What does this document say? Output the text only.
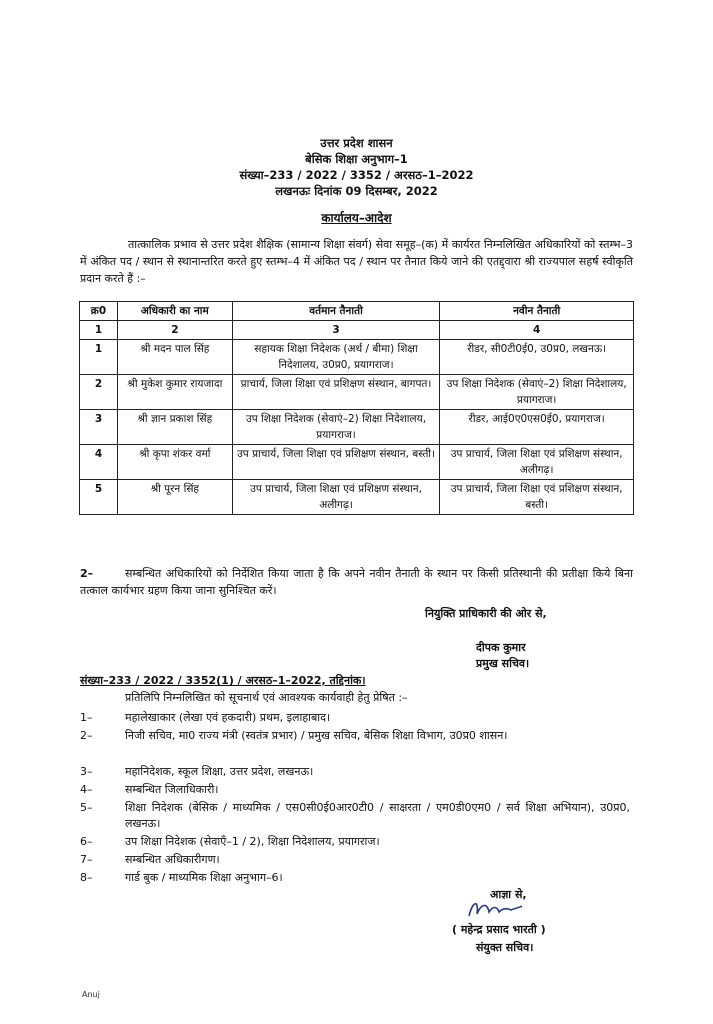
उत्तर प्रदेश शासन
बेसिक शिक्षा अनुभाग–1
संख्या–233 / 2022 / 3352 / अरसठ–1–2022
लखनऊः दिनांक 09 दिसम्बर, 2022
कार्यालय–आदेश
तात्कालिक प्रभाव से उत्तर प्रदेश शैक्षिक (सामान्य शिक्षा संवर्ग) सेवा समूह–(क) में कार्यरत निम्नलिखित अधिकारियों को स्तम्भ–3 में अंकित पद / स्थान से स्थानान्तरित करते हुए स्तम्भ–4 में अंकित पद / स्थान पर तैनात किये जाने की एतद्द्वारा श्री राज्यपाल सहर्ष स्वीकृति प्रदान करते हैं :–
क्र0	अधिकारी का नाम	वर्तमान तैनाती	नवीन तैनाती
1	2	3	4
1	श्री मदन पाल सिंह	सहायक शिक्षा निदेशक (अर्थ / बीमा) शिक्षा निदेशालय, उ0प्र0, प्रयागराज।	रीडर, सी0टी0ई0, उ0प्र0, लखनऊ।
2	श्री मुकेश कुमार रायजादा	प्राचार्य, जिला शिक्षा एवं प्रशिक्षण संस्थान, बागपत।	उप शिक्षा निदेशक (सेवाएं–2) शिक्षा निदेशालय, प्रयागराज।
3	श्री ज्ञान प्रकाश सिंह	उप शिक्षा निदेशक (सेवाएं–2) शिक्षा निदेशालय, प्रयागराज।	रीडर, आई0ए0एस0ई0, प्रयागराज।
4	श्री कृपा शंकर वर्मा	उप प्राचार्य, जिला शिक्षा एवं प्रशिक्षण संस्थान, बस्ती।	उप प्राचार्य, जिला शिक्षा एवं प्रशिक्षण संस्थान, अलीगढ़।
5	श्री पूरन सिंह	उप प्राचार्य, जिला शिक्षा एवं प्रशिक्षण संस्थान, अलीगढ़।	उप प्राचार्य, जिला शिक्षा एवं प्रशिक्षण संस्थान, बस्ती।
2–	सम्बन्धित अधिकारियों को निर्देशित किया जाता है कि अपने नवीन तैनाती के स्थान पर किसी प्रतिस्थानी की प्रतीक्षा किये बिना तत्काल कार्यभार ग्रहण किया जाना सुनिश्चित करें।
नियुक्ति प्राधिकारी की ओर से,
दीपक कुमार
प्रमुख सचिव।
संख्या–233 / 2022 / 3352(1) / अरसठ–1–2022, तद्दिनांक।
प्रतिलिपि निम्नलिखित को सूचनार्थ एवं आवश्यक कार्यवाही हेतु प्रेषित :–
1–	महालेखाकार (लेखा एवं हकदारी) प्रथम, इलाहाबाद।
2–	निजी सचिव, मा0 राज्य मंत्री (स्वतंत्र प्रभार) / प्रमुख सचिव, बेसिक शिक्षा विभाग, उ0प्र0 शासन।
3–	महानिदेशक, स्कूल शिक्षा, उत्तर प्रदेश, लखनऊ।
4–	सम्बन्धित जिलाधिकारी।
5–	शिक्षा निदेशक (बेसिक / माध्यमिक / एस0सी0ई0आर0टी0 / साक्षरता / एम0डी0एम0 / सर्व शिक्षा अभियान), उ0प्र0, लखनऊ।
6–	उप शिक्षा निदेशक (सेवाएँ–1 / 2), शिक्षा निदेशालय, प्रयागराज।
7–	सम्बन्धित अधिकारीगण।
8–	गार्ड बुक / माध्यमिक शिक्षा अनुभाग–6।
आज्ञा से,
( महेन्द्र प्रसाद भारती )
संयुक्त सचिव।
Anuj
